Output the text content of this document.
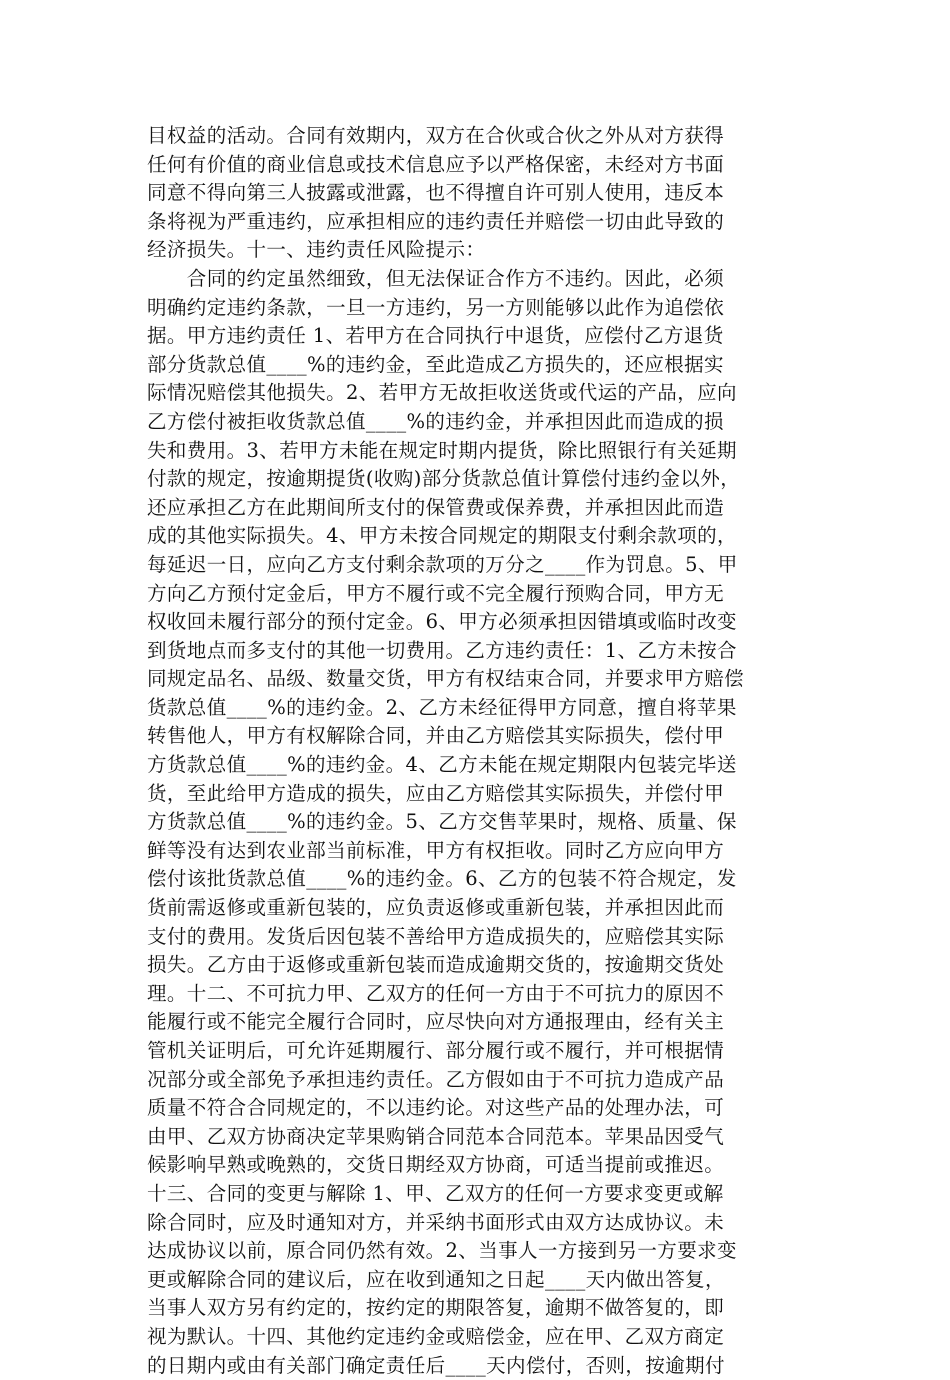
目权益的活动。合同有效期内，双方在合伙或合伙之外从对方获得
任何有价值的商业信息或技术信息应予以严格保密，未经对方书面
同意不得向第三人披露或泄露，也不得擅自许可别人使用，违反本
条将视为严重违约，应承担相应的违约责任并赔偿一切由此导致的
经济损失。十一、违约责任风险提示：
　　合同的约定虽然细致，但无法保证合作方不违约。因此，必须
明确约定违约条款，一旦一方违约，另一方则能够以此作为追偿依
据。甲方违约责任 1、若甲方在合同执行中退货，应偿付乙方退货
部分货款总值____%的违约金，至此造成乙方损失的，还应根据实
际情况赔偿其他损失。2、若甲方无故拒收送货或代运的产品，应向
乙方偿付被拒收货款总值____%的违约金，并承担因此而造成的损
失和费用。3、若甲方未能在规定时期内提货，除比照银行有关延期
付款的规定，按逾期提货(收购)部分货款总值计算偿付违约金以外，
还应承担乙方在此期间所支付的保管费或保养费，并承担因此而造
成的其他实际损失。4、甲方未按合同规定的期限支付剩余款项的，
每延迟一日，应向乙方支付剩余款项的万分之____作为罚息。5、甲
方向乙方预付定金后，甲方不履行或不完全履行预购合同，甲方无
权收回未履行部分的预付定金。6、甲方必须承担因错填或临时改变
到货地点而多支付的其他一切费用。乙方违约责任：1、乙方未按合
同规定品名、品级、数量交货，甲方有权结束合同，并要求甲方赔偿
货款总值____%的违约金。2、乙方未经征得甲方同意，擅自将苹果
转售他人，甲方有权解除合同，并由乙方赔偿其实际损失，偿付甲
方货款总值____%的违约金。4、乙方未能在规定期限内包装完毕送
货，至此给甲方造成的损失，应由乙方赔偿其实际损失，并偿付甲
方货款总值____%的违约金。5、乙方交售苹果时，规格、质量、保
鲜等没有达到农业部当前标准，甲方有权拒收。同时乙方应向甲方
偿付该批货款总值____%的违约金。6、乙方的包装不符合规定，发
货前需返修或重新包装的，应负责返修或重新包装，并承担因此而
支付的费用。发货后因包装不善给甲方造成损失的，应赔偿其实际
损失。乙方由于返修或重新包装而造成逾期交货的，按逾期交货处
理。十二、不可抗力甲、乙双方的任何一方由于不可抗力的原因不
能履行或不能完全履行合同时，应尽快向对方通报理由，经有关主
管机关证明后，可允许延期履行、部分履行或不履行，并可根据情
况部分或全部免予承担违约责任。乙方假如由于不可抗力造成产品
质量不符合合同规定的，不以违约论。对这些产品的处理办法，可
由甲、乙双方协商决定苹果购销合同范本合同范本。苹果品因受气
候影响早熟或晚熟的，交货日期经双方协商，可适当提前或推迟。
十三、合同的变更与解除 1、甲、乙双方的任何一方要求变更或解
除合同时，应及时通知对方，并采纳书面形式由双方达成协议。未
达成协议以前，原合同仍然有效。2、当事人一方接到另一方要求变
更或解除合同的建议后，应在收到通知之日起____天内做出答复，
当事人双方另有约定的，按约定的期限答复，逾期不做答复的，即
视为默认。十四、其他约定违约金或赔偿金，应在甲、乙双方商定
的日期内或由有关部门确定责任后____天内偿付，否则，按逾期付
